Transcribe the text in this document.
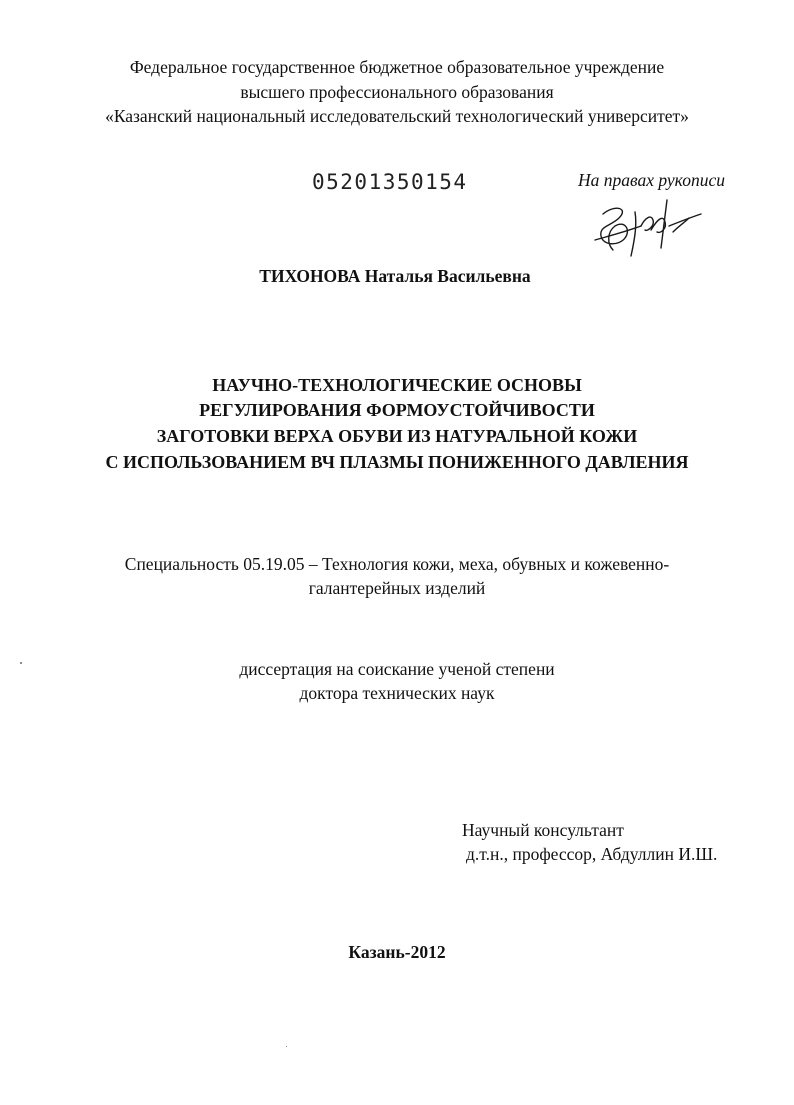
Федеральное государственное бюджетное образовательное учреждение
высшего профессионального образования
«Казанский национальный исследовательский технологический университет»
05201350154	На правах рукописи
ТИХОНОВА Наталья Васильевна
НАУЧНО-ТЕХНОЛОГИЧЕСКИЕ ОСНОВЫ
РЕГУЛИРОВАНИЯ ФОРМОУСТОЙЧИВОСТИ
ЗАГОТОВКИ ВЕРХА ОБУВИ ИЗ НАТУРАЛЬНОЙ КОЖИ
С ИСПОЛЬЗОВАНИЕМ ВЧ ПЛАЗМЫ ПОНИЖЕННОГО ДАВЛЕНИЯ
Специальность 05.19.05 – Технология кожи, меха, обувных и кожевенно-
галантерейных изделий
диссертация на соискание ученой степени
доктора технических наук
Научный консультант
д.т.н., профессор, Абдуллин И.Ш.
Казань-2012
